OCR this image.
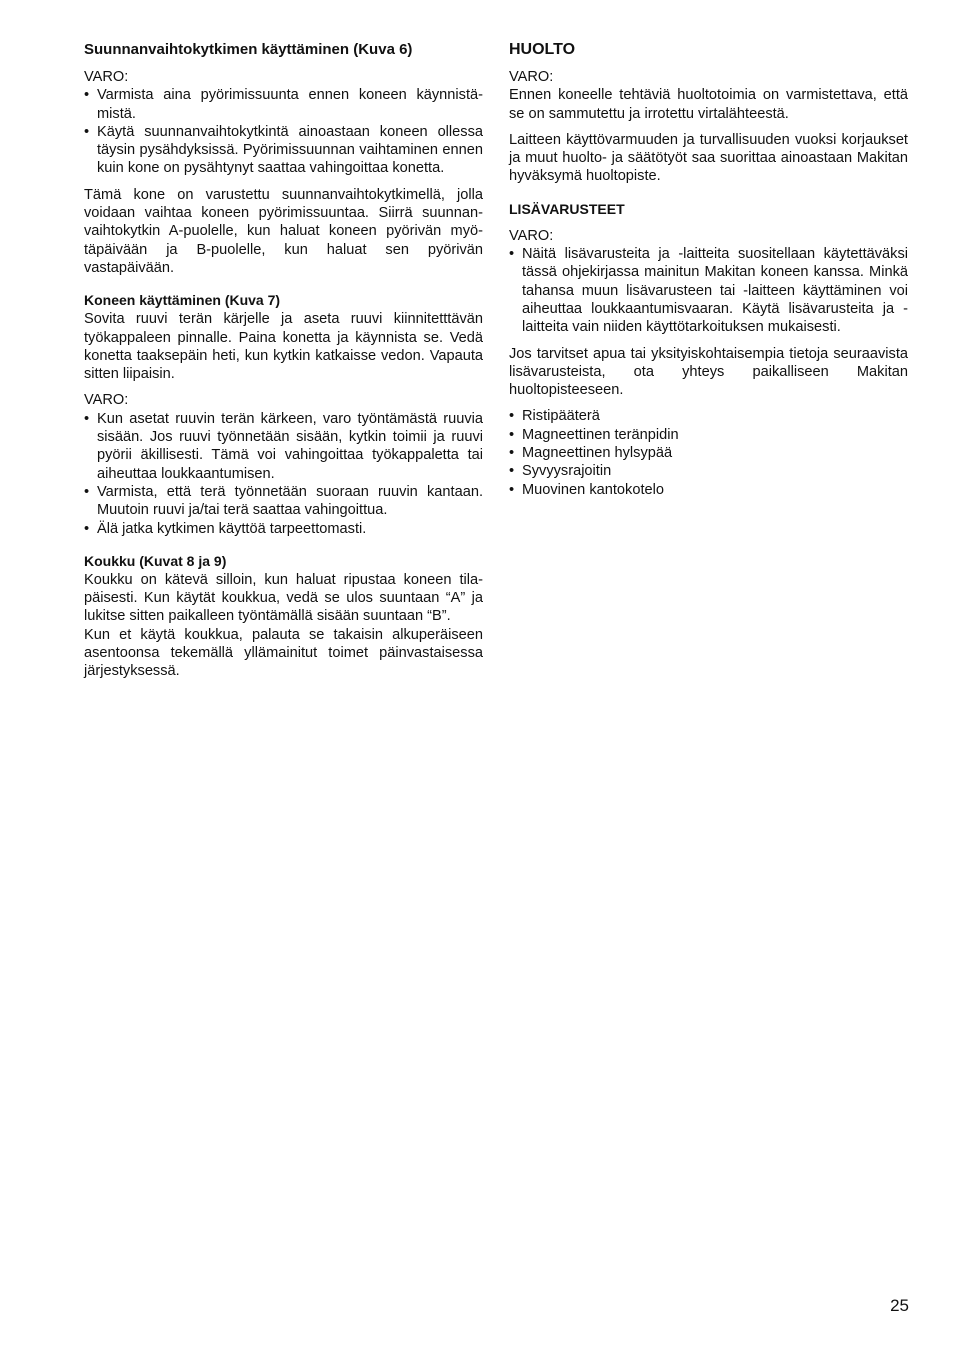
Suunnanvaihtokytkimen käyttäminen (Kuva 6)

VARO:

• Varmista aina pyörimissuunta ennen koneen käynnistämistä.
• Käytä suunnanvaihtokytkintä ainoastaan koneen ollessa täysin pysähdyksissä. Pyörimissuunnan vaihtaminen ennen kuin kone on pysähtynyt saattaa vahingoittaa konetta.

Tämä kone on varustettu suunnanvaihtokytkimellä, jolla voidaan vaihtaa koneen pyörimissuuntaa. Siirrä suunnanvaihtokytkin A-puolelle, kun haluat koneen pyörivän myötäpäivään ja B-puolelle, kun haluat sen pyörivän vastapäivään.

Koneen käyttäminen (Kuva 7)

Sovita ruuvi terän kärjelle ja aseta ruuvi kiinnitetttävän työkappaleen pinnalle. Paina konetta ja käynnista se. Vedä konetta taaksepäin heti, kun kytkin katkaisse vedon. Vapauta sitten liipaisin.

VARO:

• Kun asetat ruuvin terän kärkeen, varo työntämästä ruuvia sisään. Jos ruuvi työnnetään sisään, kytkin toimii ja ruuvi pyörii äkillisesti. Tämä voi vahingoittaa työkappaletta tai aiheuttaa loukkaantumisen.
• Varmista, että terä työnnetään suoraan ruuvin kantaan. Muutoin ruuvi ja/tai terä saattaa vahingoittua.
• Älä jatka kytkimen käyttöä tarpeettomasti.
Koukku (Kuvat 8 ja 9)

Koukku on kätevä silloin, kun haluat ripustaa koneen tilapäisesti. Kun käytät koukkua, vedä se ulos suuntaan “A” ja lukitse sitten paikalleen työntämällä sisään suuntaan “B”.

Kun et käytä koukkua, palauta se takaisin alkuperäiseen asentoonsa tekemällä yllämainitut toimet päinvastaisessa järjestyksessä.

HUOLTO

VARO:

Ennen koneelle tehtäviä huoltotoimia on varmistettava, että se on sammutettu ja irrotettu virtalähteestä.

Laitteen käyttövarmuuden ja turvallisuuden vuoksi korjaukset ja muut huolto- ja säätötyöt saa suorittaa ainoastaan Makitan hyväksymä huoltopiste.

LISÄVARUSTEET

VARO:

• Näitä lisävarusteita ja -laitteita suositellaan käytettäväksi tässä ohjekirjassa mainitun Makitan koneen kanssa. Minkä tahansa muun lisävarusteen tai -laitteen käyttäminen voi aiheuttaa loukkaantumisvaaran. Käytä lisävarusteita ja -laitteita vain niiden käyttötarkoituksen mukaisesti.

Jos tarvitset apua tai yksityiskohtaisempia tietoja seuraavista lisävarusteista, ota yhteys paikalliseen Makitan huoltopisteeseen.

• Ristipääterä
• Magneettinen teränpidin
• Magneettinen hylsypää
• Syvyysrajoitin
• Muovinen kantokotelo
25
